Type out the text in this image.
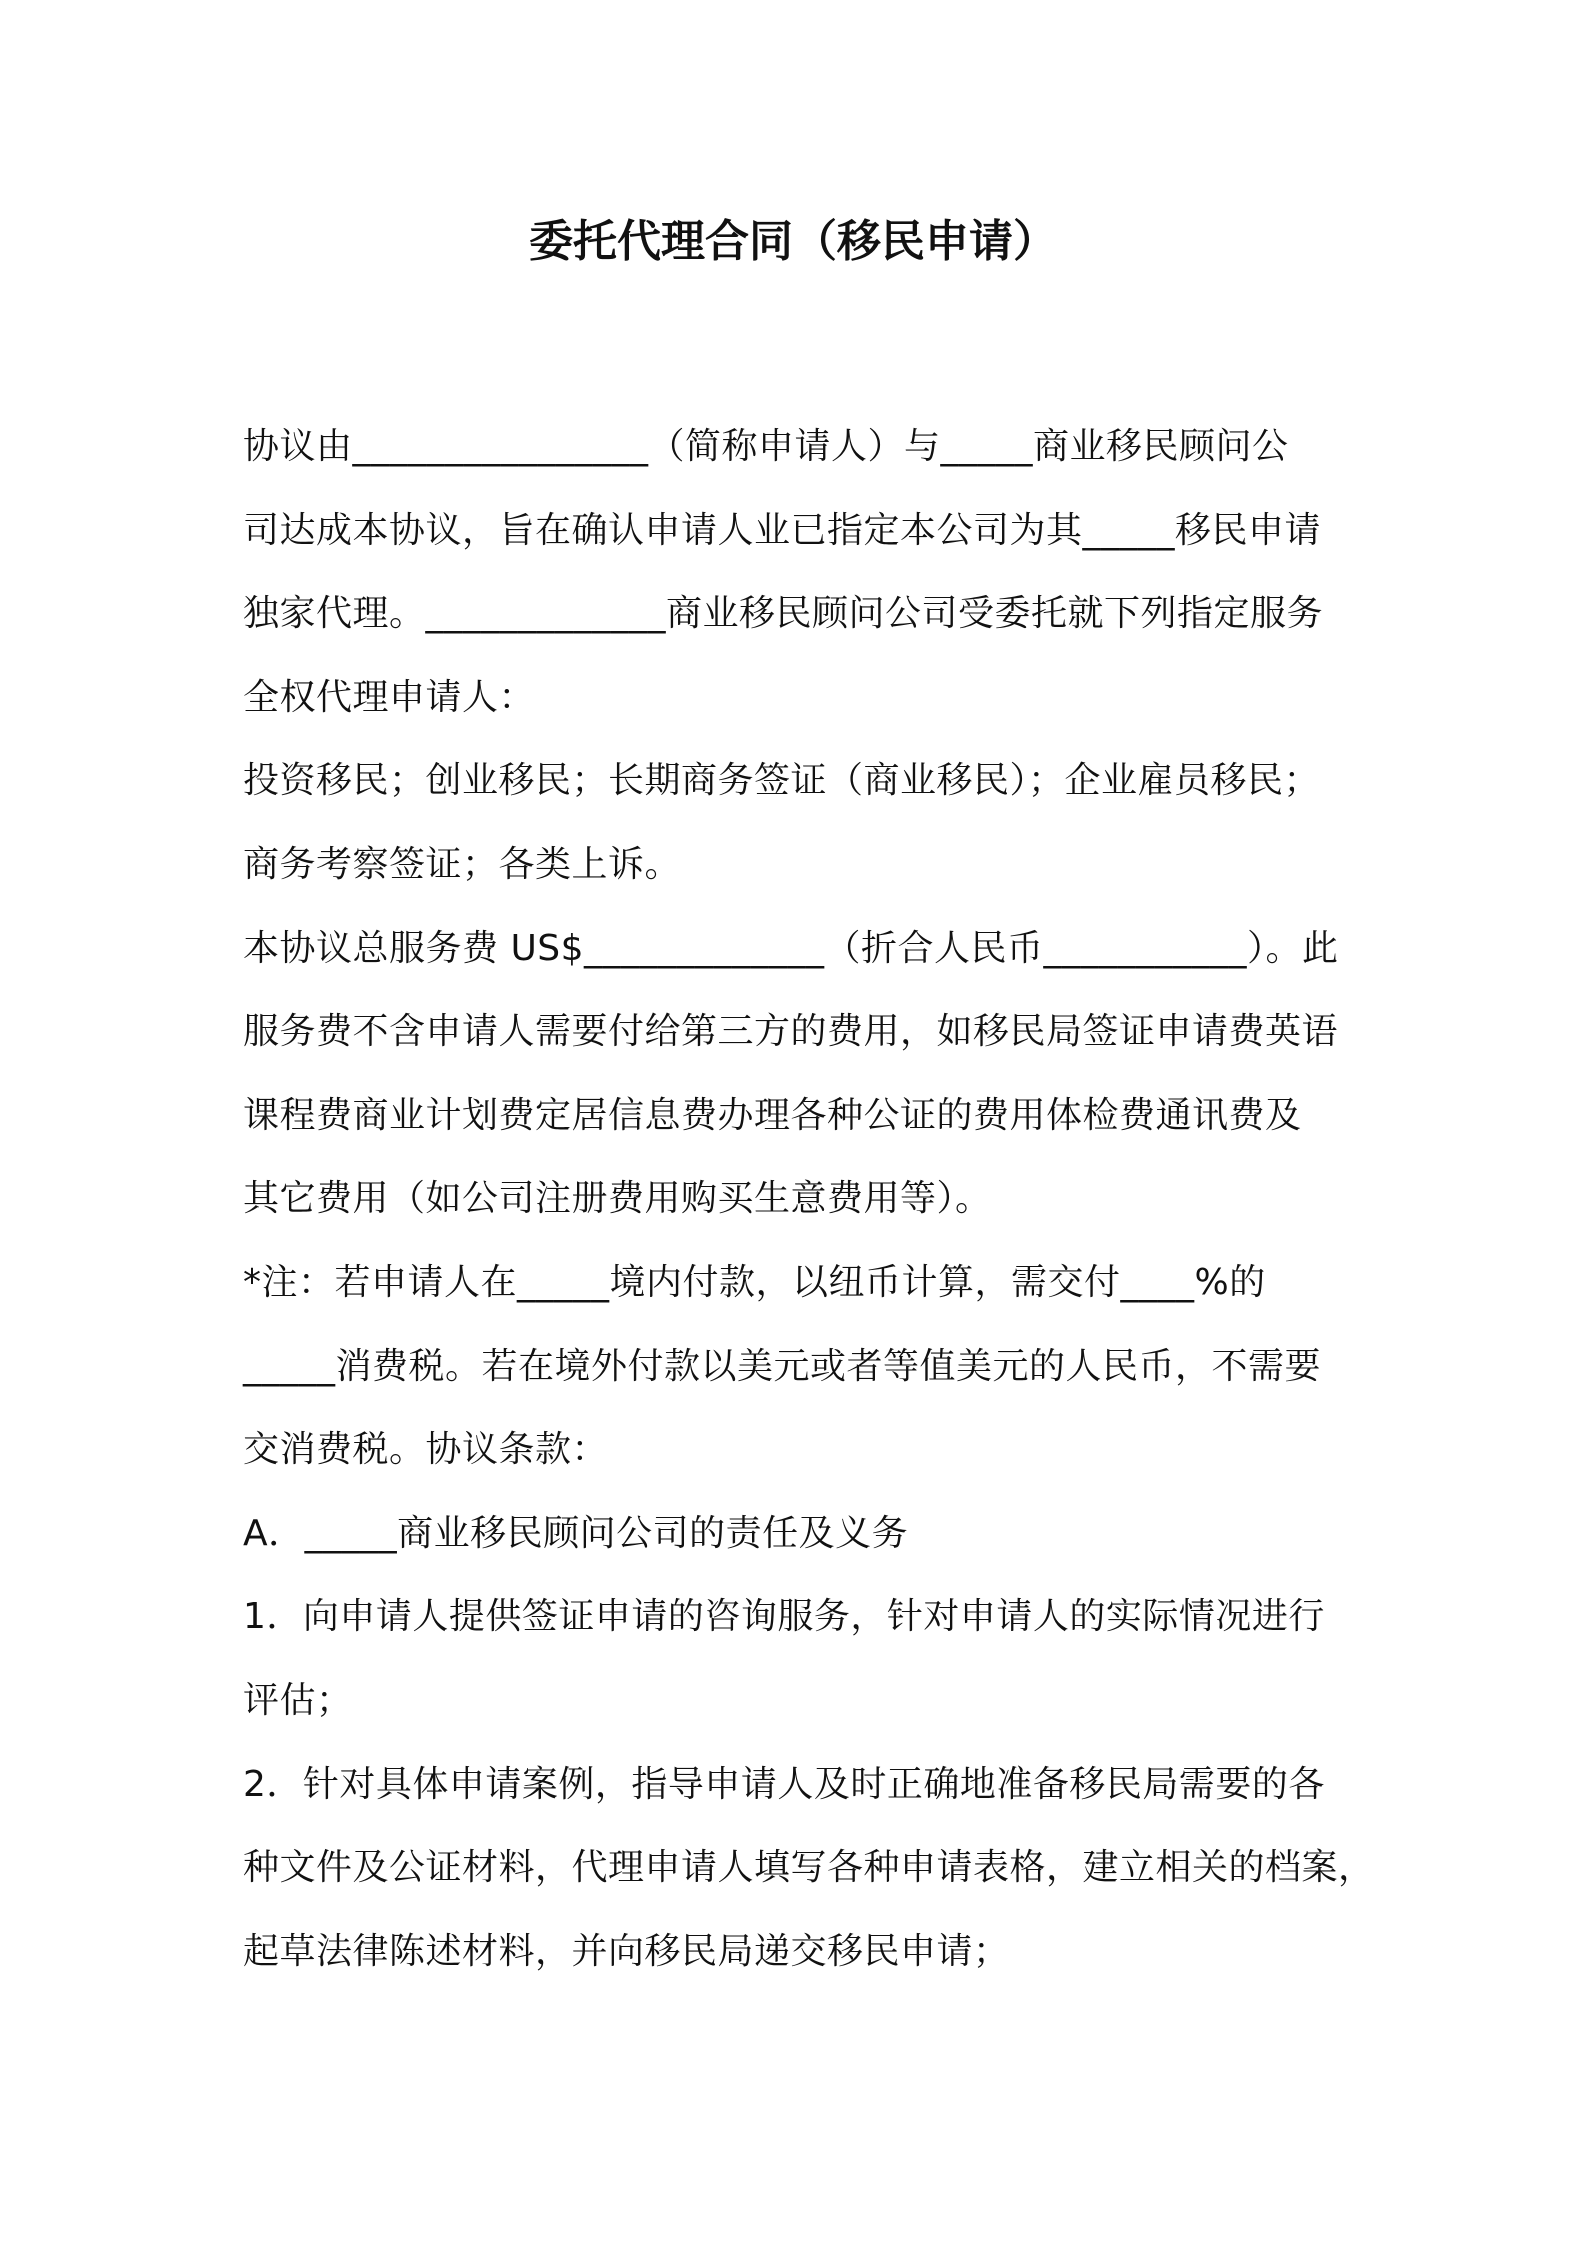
委托代理合同（移民申请）
协议由________________（简称申请人）与_____商业移民顾问公
司达成本协议，旨在确认申请人业已指定本公司为其_____移民申请
独家代理。_____________商业移民顾问公司受委托就下列指定服务
全权代理申请人：
投资移民；创业移民；长期商务签证（商业移民）；企业雇员移民；
商务考察签证；各类上诉。
本协议总服务费 US$_____________（折合人民币___________）。此
服务费不含申请人需要付给第三方的费用，如移民局签证申请费英语
课程费商业计划费定居信息费办理各种公证的费用体检费通讯费及
其它费用（如公司注册费用购买生意费用等）。
*注：若申请人在_____境内付款，以纽币计算，需交付____%的
_____消费税。若在境外付款以美元或者等值美元的人民币，不需要
交消费税。协议条款：
A．_____商业移民顾问公司的责任及义务
1．向申请人提供签证申请的咨询服务，针对申请人的实际情况进行
评估；
2．针对具体申请案例，指导申请人及时正确地准备移民局需要的各
种文件及公证材料，代理申请人填写各种申请表格，建立相关的档案，
起草法律陈述材料，并向移民局递交移民申请；
